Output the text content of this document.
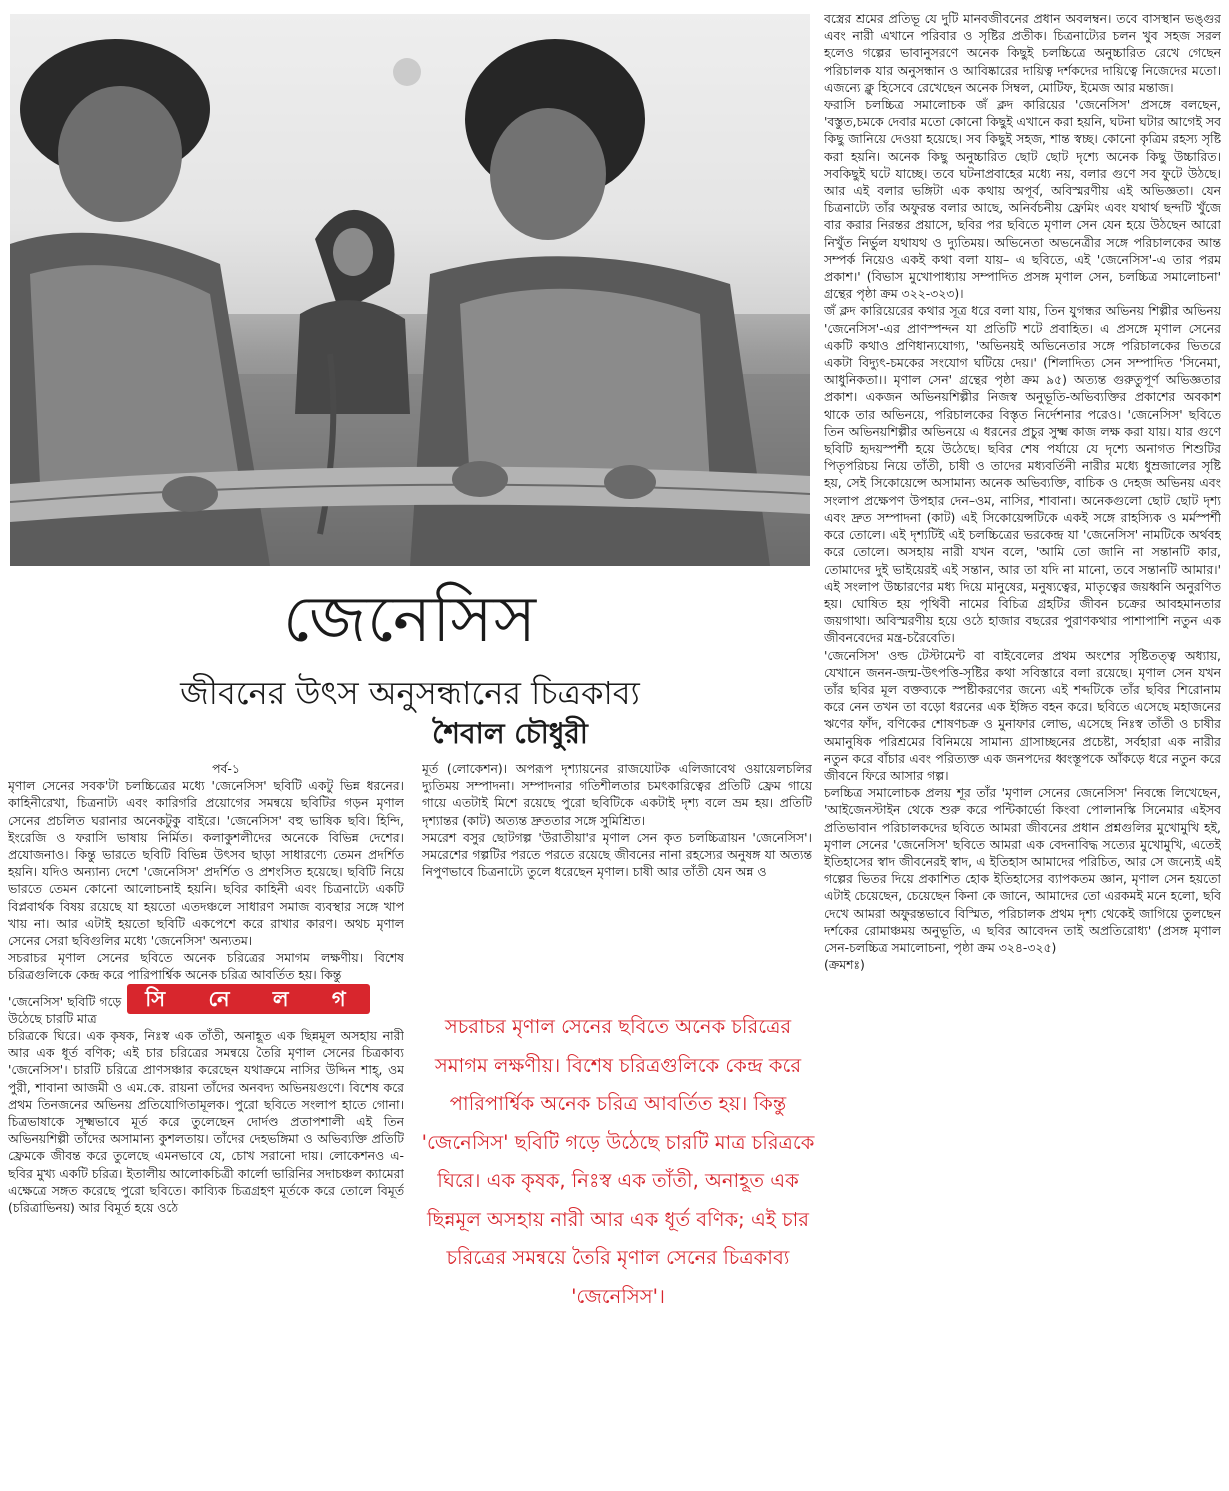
জেনেসিস
জীবনের উৎস অনুসন্ধানের চিত্রকাব্য
শৈবাল চৌধুরী

পর্ব-১

মৃণাল সেনের সবক'টা চলচ্চিত্রের মধ্যে 'জেনেসিস' ছবিটি একটু ভিন্ন ধরনের। কাহিনীরেখা, চিত্রনাট্য এবং কারিগরি প্রয়োগের সমন্বয়ে ছবিটির গড়ন মৃণাল সেনের প্রচলিত ঘরানার অনেকটুকু বাইরে। 'জেনেসিস' বহু ভাষিক ছবি। হিন্দি, ইংরেজি ও ফরাসি ভাষায় নির্মিত। কলাকুশলীদের অনেকে বিভিন্ন দেশের। প্রযোজনাও। কিন্তু ভারতে ছবিটি বিভিন্ন উৎসব ছাড়া সাধারণ্যে তেমন প্রদর্শিত হয়নি। যদিও অন্যান্য দেশে 'জেনেসিস' প্রদর্শিত ও প্রশংসিত হয়েছে। ছবিটি নিয়ে ভারতে তেমন কোনো আলোচনাই হয়নি। ছবির কাহিনী এবং চিত্রনাট্যে একটি বিপ্লবার্থক বিষয় রয়েছে যা হয়তো এতদঞ্চলে সাধারণ সমাজ ব্যবস্থার সঙ্গে খাপ খায় না। আর এটাই হয়তো ছবিটি একপেশে করে রাখার কারণ। অথচ মৃণাল সেনের সেরা ছবিগুলির মধ্যে 'জেনেসিস' অন্যতম।

সচরাচর মৃণাল সেনের ছবিতে অনেক চরিত্রের সমাগম লক্ষণীয়। বিশেষ চরিত্রগুলিকে কেন্দ্র করে পারিপার্শ্বিক অনেক চরিত্র আবর্তিত হয়। কিন্তু

'জেনেসিস' ছবিটি গড়ে সি নে ল গ

উঠেছে চারটি মাত্র

চরিত্রকে ঘিরে। এক কৃষক, নিঃস্ব এক তাঁতী, অনাহূত এক ছিন্নমূল অসহায় নারী আর এক ধূর্ত বণিক; এই চার চরিত্রের সমন্বয়ে তৈরি মৃণাল সেনের চিত্রকাব্য 'জেনেসিস'। চারটি চরিত্রে প্রাণসঞ্চার করেছেন যথাক্রমে নাসির উদ্দিন শাহ্, ওম পুরী, শাবানা আজমী ও এম.কে. রায়না তাঁদের অনবদ্য অভিনয়গুণে। বিশেষ করে প্রথম তিনজনের অভিনয় প্রতিযোগিতামূলক। পুরো ছবিতে সংলাপ হাতে গোনা। চিত্রভাষাকে সূক্ষ্মভাবে মূর্ত করে তুলেছেন দোর্দণ্ড প্রতাপশালী এই তিন অভিনয়শিল্পী তাঁদের অসামান্য কুশলতায়। তাঁদের দেহভঙ্গিমা ও অভিব্যক্তি প্রতিটি ফ্রেমকে জীবন্ত করে তুলেছে এমনভাবে যে, চোখ সরানো দায়। লোকেশনও এ-ছবির মুখ্য একটি চরিত্র। ইতালীয় আলোকচিত্রী কার্লো ভারিনির সদাচঞ্চল ক্যামেরা এক্ষেত্রে সঙ্গত করেছে পুরো ছবিতে। কাব্যিক চিত্রগ্রহণ মূর্তকে করে তোলে বিমূর্ত (চরিত্রাভিনয়) আর বিমূর্ত হয়ে ওঠে

মূর্ত (লোকেশন)। অপরূপ দৃশ্যায়নের রাজযোটক এলিজাবেথ ওয়ায়েলচলির দ্যুতিময় সম্পাদনা। সম্পাদনার গতিশীলতার চমৎকারিত্বের প্রতিটি ফ্রেম গায়ে গায়ে এতটাই মিশে রয়েছে পুরো ছবিটিকে একটাই দৃশ্য বলে ভ্রম হয়। প্রতিটি দৃশ্যান্তর (কাট) অত্যন্ত দ্রুততার সঙ্গে সুমিশ্রিত।

সমরেশ বসুর ছোটগল্প 'উরাতীয়া'র মৃণাল সেন কৃত চলচ্চিত্রায়ন 'জেনেসিস'। সমরেশের গল্পটির পরতে পরতে রয়েছে জীবনের নানা রহস্যের অনুষঙ্গ যা অত্যন্ত নিপুণভাবে চিত্রনাট্যে তুলে ধরেছেন মৃণাল। চাষী আর তাঁতী যেন অন্ন ও

সচরাচর মৃণাল সেনের ছবিতে অনেক চরিত্রের সমাগম লক্ষণীয়। বিশেষ চরিত্রগুলিকে কেন্দ্র করে পারিপার্শ্বিক অনেক চরিত্র আবর্তিত হয়। কিন্তু 'জেনেসিস' ছবিটি গড়ে উঠেছে চারটি মাত্র চরিত্রকে ঘিরে। এক কৃষক, নিঃস্ব এক তাঁতী, অনাহূত এক ছিন্নমূল অসহায় নারী আর এক ধূর্ত বণিক; এই চার চরিত্রের সমন্বয়ে তৈরি মৃণাল সেনের চিত্রকাব্য 'জেনেসিস'।

বস্ত্রের শ্রমের প্রতিভূ যে দুটি মানবজীবনের প্রধান অবলম্বন। তবে বাসস্থান ভঙ্গুর এবং নারী এখানে পরিবার ও সৃষ্টির প্রতীক। চিত্রনাট্যের চলন খুব সহজ সরল হলেও গল্পের ভাবানুসরণে অনেক কিছুই চলচ্চিত্রে অনুচ্চারিত রেখে গেছেন পরিচালক যার অনুসন্ধান ও আবিষ্কারের দায়িত্ব দর্শকদের দায়িত্বে নিজেদের মতো। এজন্যে ক্লু হিসেবে রেখেছেন অনেক সিম্বল, মোটিফ, ইমেজ আর মন্তাজ।

ফরাসি চলচ্চিত্র সমালোচক জঁ ক্লদ কারিয়ের 'জেনেসিস' প্রসঙ্গে বলছেন, 'বস্তুত,চমকে দেবার মতো কোনো কিছুই এখানে করা হয়নি, ঘটনা ঘটার আগেই সব কিছু জানিয়ে দেওয়া হয়েছে। সব কিছুই সহজ, শান্ত স্বচ্ছ। কোনো কৃত্রিম রহস্য সৃষ্টি করা হয়নি। অনেক কিছু অনুচ্চারিত ছোট ছোট দৃশ্যে অনেক কিছু উচ্চারিত। সবকিছুই ঘটে যাচ্ছে। তবে ঘটনাপ্রবাহের মধ্যে নয়, বলার গুণে সব ফুটে উঠছে। আর এই বলার ভঙ্গিটা এক কথায় অপূর্ব, অবিস্মরণীয় এই অভিজ্ঞতা। যেন চিত্রনাট্যে তাঁর অফুরন্ত বলার আছে, অনির্বচনীয় ফ্রেমিং এবং যথার্থ ছন্দটি খুঁজে বার করার নিরন্তর প্রয়াসে, ছবির পর ছবিতে মৃণাল সেন যেন হয়ে উঠছেন আরো নিখুঁত নির্ভুল যথাযথ ও দ্যুতিময়। অভিনেতা অভনেত্রীর সঙ্গে পরিচালকের আন্ত সম্পর্ক নিয়েও একই কথা বলা যায়– এ ছবিতে, এই 'জেনেসিস'-এ তার পরম প্রকাশ।' (বিভাস মুখোপাধ্যায় সম্পাদিত প্রসঙ্গ মৃণাল সেন, চলচ্চিত্র সমালোচনা' গ্রন্থের পৃষ্ঠা ক্রম ৩২২-৩২৩)।

জঁ ক্লদ কারিয়েরের কথার সূত্র ধরে বলা যায়, তিন যুগন্ধর অভিনয় শিল্পীর অভিনয় 'জেনেসিস'-এর প্রাণস্পন্দন যা প্রতিটি শটে প্রবাহিত। এ প্রসঙ্গে মৃণাল সেনের একটি কথাও প্রণিধান্যযোগ্য, 'অভিনয়ই অভিনেতার সঙ্গে পরিচালকের ভিতরে একটা বিদ্যুৎ-চমকের সংযোগ ঘটিয়ে দেয়।' (শিলাদিত্য সেন সম্পাদিত 'সিনেমা, আধুনিকতা।। মৃণাল সেন' গ্রন্থের পৃষ্ঠা ক্রম ৯৫) অত্যন্ত গুরুতুপূর্ণ অভিজ্ঞতার প্রকাশ। একজন অভিনয়শিল্পীর নিজস্ব অনুভূতি-অভিব্যক্তির প্রকাশের অবকাশ থাকে তার অভিনয়ে, পরিচালকের বিস্তৃত নির্দেশনার পরেও। 'জেনেসিস' ছবিতে তিন অভিনয়শিল্পীর অভিনয়ে এ ধরনের প্রচুর সুক্ষ্ম কাজ লক্ষ করা যায়। যার গুণে ছবিটি হৃদয়স্পর্শী হয়ে উঠেছে। ছবির শেষ পর্যায়ে যে দৃশ্যে অনাগত শিশুটির পিতৃপরিচয় নিয়ে তাঁতী, চাষী ও তাদের মধ্যবর্তিনী নারীর মধ্যে ধুম্রজালের সৃষ্টি হয়, সেই সিকোয়েন্সে অসামান্য অনেক অভিব্যক্তি, বাচিক ও দেহজ অভিনয় এবং সংলাপ প্রক্ষেপণ উপহার দেন–ওম, নাসির, শাবানা। অনেকগুলো ছোট ছোট দৃশ্য এবং দ্রুত সম্পাদনা (কাট) এই সিকোয়েন্সটিকে একই সঙ্গে রাহস্যিক ও মর্মস্পর্শী করে তোলে। এই দৃশ্যটিই এই চলচ্চিত্রের ভরকেন্দ্র যা 'জেনেসিস' নামটিকে অর্থবহ করে তোলে। অসহায় নারী যখন বলে, 'আমি তো জানি না সন্তানটি কার, তোমাদের দুই ভাইয়েরই এই সন্তান, আর তা যদি না মানো, তবে সন্তানটি আমার।' এই সংলাপ উচ্চারণের মধ্য দিয়ে মানুষের, মনুষ্যত্বের, মাতৃত্বের জয়ধ্বনি অনুরণিত হয়। ঘোষিত হয় পৃথিবী নামের বিচিত্র গ্রহটির জীবন চক্রের আবহমানতার জয়গাথা। অবিস্মরণীয় হয়ে ওঠে হাজার বছরের পুরাণকথার পাশাপাশি নতুন এক জীবনবেদের মন্ত্র-চরৈবেতি।

'জেনেসিস' ওল্ড টেস্টামেন্ট বা বাইবেলের প্রথম অংশের সৃষ্টিতত্ত্ব অধ্যায়, যেখানে জনন-জন্ম-উৎপত্তি-সৃষ্টির কথা সবিস্তারে বলা রয়েছে। মৃণাল সেন যখন তাঁর ছবির মূল বক্তব্যকে স্পষ্টীকরণের জন্যে এই শব্দটিকে তাঁর ছবির শিরোনাম করে নেন তখন তা বড়ো ধরনের এক ইঙ্গিত বহন করে। ছবিতে এসেছে মহাজনের ঋণের ফাঁদ, বণিকের শোষণচক্র ও মুনাফার লোভ, এসেছে নিঃস্ব তাঁতী ও চাষীর অমানুষিক পরিশ্রমের বিনিময়ে সামান্য গ্রাসাচ্ছনের প্রচেষ্টা, সর্বহারা এক নারীর নতুন করে বাঁচার এবং পরিত্যক্ত এক জনপদের ধ্বংস্তূপকে আঁকড়ে ধরে নতুন করে জীবনে ফিরে আসার গল্প।

চলচ্চিত্র সমালোচক প্রলয় শূর তাঁর 'মৃণাল সেনের জেনেসিস' নিবন্ধে লিখেছেন, 'আইজেনস্টাইন থেকে শুরু করে পন্টিকার্ভো কিংবা পোলানস্কি সিনেমার এইসব প্রতিভাবান পরিচালকদের ছবিতে আমরা জীবনের প্রধান প্রশ্নগুলির মুখোমুখি হই, মৃণাল সেনের 'জেনেসিস' ছবিতে আমরা এক বেদনাবিদ্ধ সত্যের মুখোমুখি, এতেই ইতিহাসের স্বাদ জীবনেরই স্বাদ, এ ইতিহাস আমাদের পরিচিত, আর সে জন্যেই এই গল্পের ভিতর দিয়ে প্রকাশিত হোক ইতিহাসের ব্যাপকতম জ্ঞান, মৃণাল সেন হয়তো এটাই চেয়েছেন, চেয়েছেন কিনা কে জানে, আমাদের তো এরকমই মনে হলো, ছবি দেখে আমরা অফুরন্তভাবে বিস্মিত, পরিচালক প্রথম দৃশ্য থেকেই জাগিয়ে তুলছেন দর্শকের রোমাঞ্চময় অনুভূতি, এ ছবির আবেদন তাই অপ্রতিরোধ্য' (প্রসঙ্গ মৃণাল সেন-চলচ্চিত্র সমালোচনা, পৃষ্ঠা ক্রম ৩২৪-৩২৫)

(ক্রমশঃ)
